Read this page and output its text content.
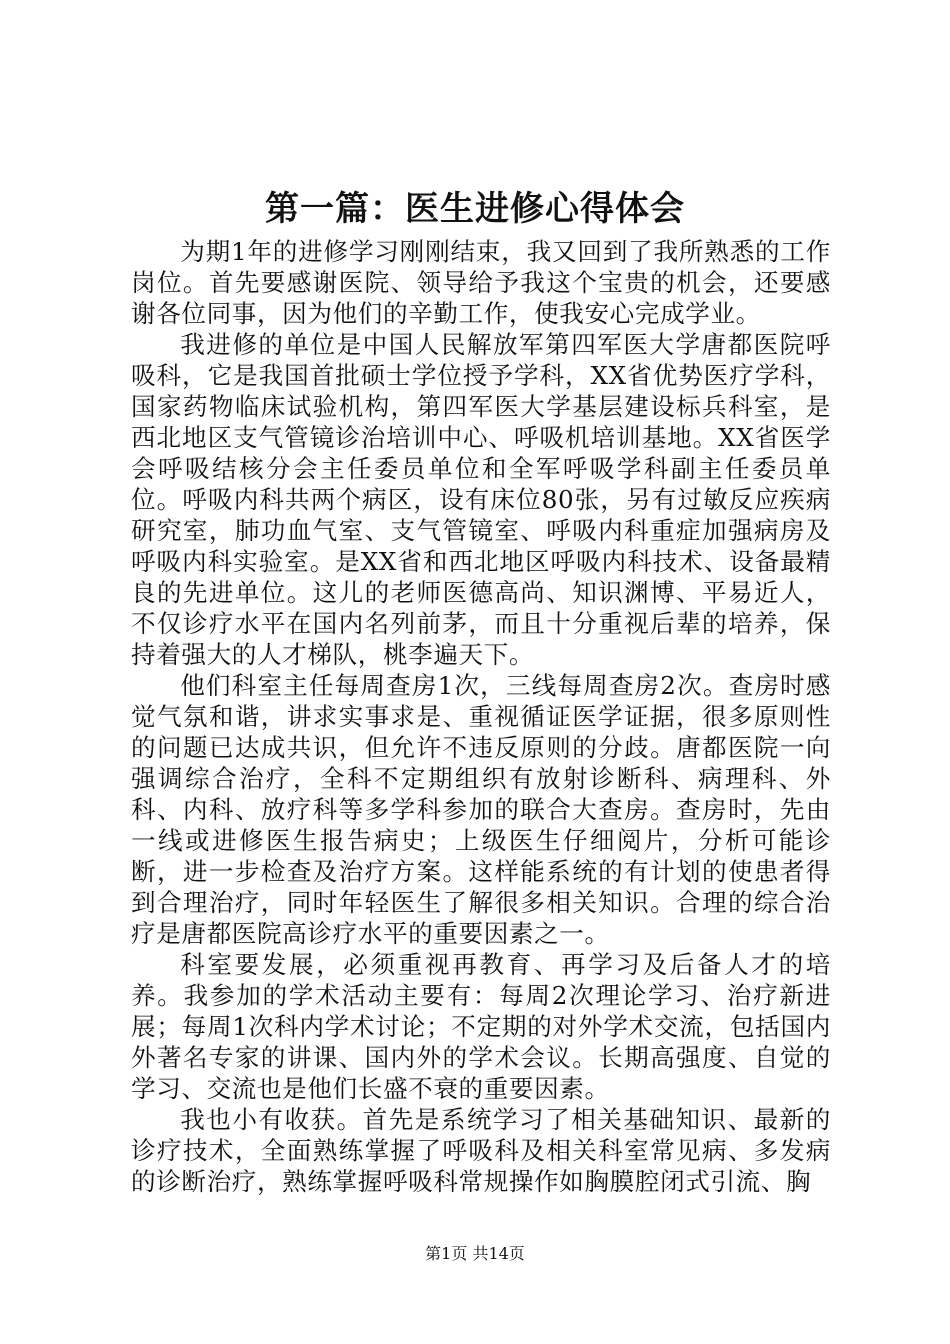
第一篇：医生进修心得体会

为期1年的进修学习刚刚结束，我又回到了我所熟悉的工作岗位。首先要感谢医院、领导给予我这个宝贵的机会，还要感谢各位同事，因为他们的辛勤工作，使我安心完成学业。

我进修的单位是中国人民解放军第四军医大学唐都医院呼吸科，它是我国首批硕士学位授予学科，XX省优势医疗学科，国家药物临床试验机构，第四军医大学基层建设标兵科室，是西北地区支气管镜诊治培训中心、呼吸机培训基地。XX省医学会呼吸结核分会主任委员单位和全军呼吸学科副主任委员单位。呼吸内科共两个病区，设有床位80张，另有过敏反应疾病研究室，肺功血气室、支气管镜室、呼吸内科重症加强病房及呼吸内科实验室。是XX省和西北地区呼吸内科技术、设备最精良的先进单位。这儿的老师医德高尚、知识渊博、平易近人，不仅诊疗水平在国内名列前茅，而且十分重视后辈的培养，保持着强大的人才梯队，桃李遍天下。

他们科室主任每周查房1次，三线每周查房2次。查房时感觉气氛和谐，讲求实事求是、重视循证医学证据，很多原则性的问题已达成共识，但允许不违反原则的分歧。唐都医院一向强调综合治疗，全科不定期组织有放射诊断科、病理科、外科、内科、放疗科等多学科参加的联合大查房。查房时，先由一线或进修医生报告病史；上级医生仔细阅片，分析可能诊断，进一步检查及治疗方案。这样能系统的有计划的使患者得到合理治疗，同时年轻医生了解很多相关知识。合理的综合治疗是唐都医院高诊疗水平的重要因素之一。

科室要发展，必须重视再教育、再学习及后备人才的培养。我参加的学术活动主要有：每周2次理论学习、治疗新进展；每周1次科内学术讨论；不定期的对外学术交流，包括国内外著名专家的讲课、国内外的学术会议。长期高强度、自觉的学习、交流也是他们长盛不衰的重要因素。

我也小有收获。首先是系统学习了相关基础知识、最新的诊疗技术，全面熟练掌握了呼吸科及相关科室常见病、多发病的诊断治疗，熟练掌握呼吸科常规操作如胸膜腔闭式引流、胸

第1页 共14页
